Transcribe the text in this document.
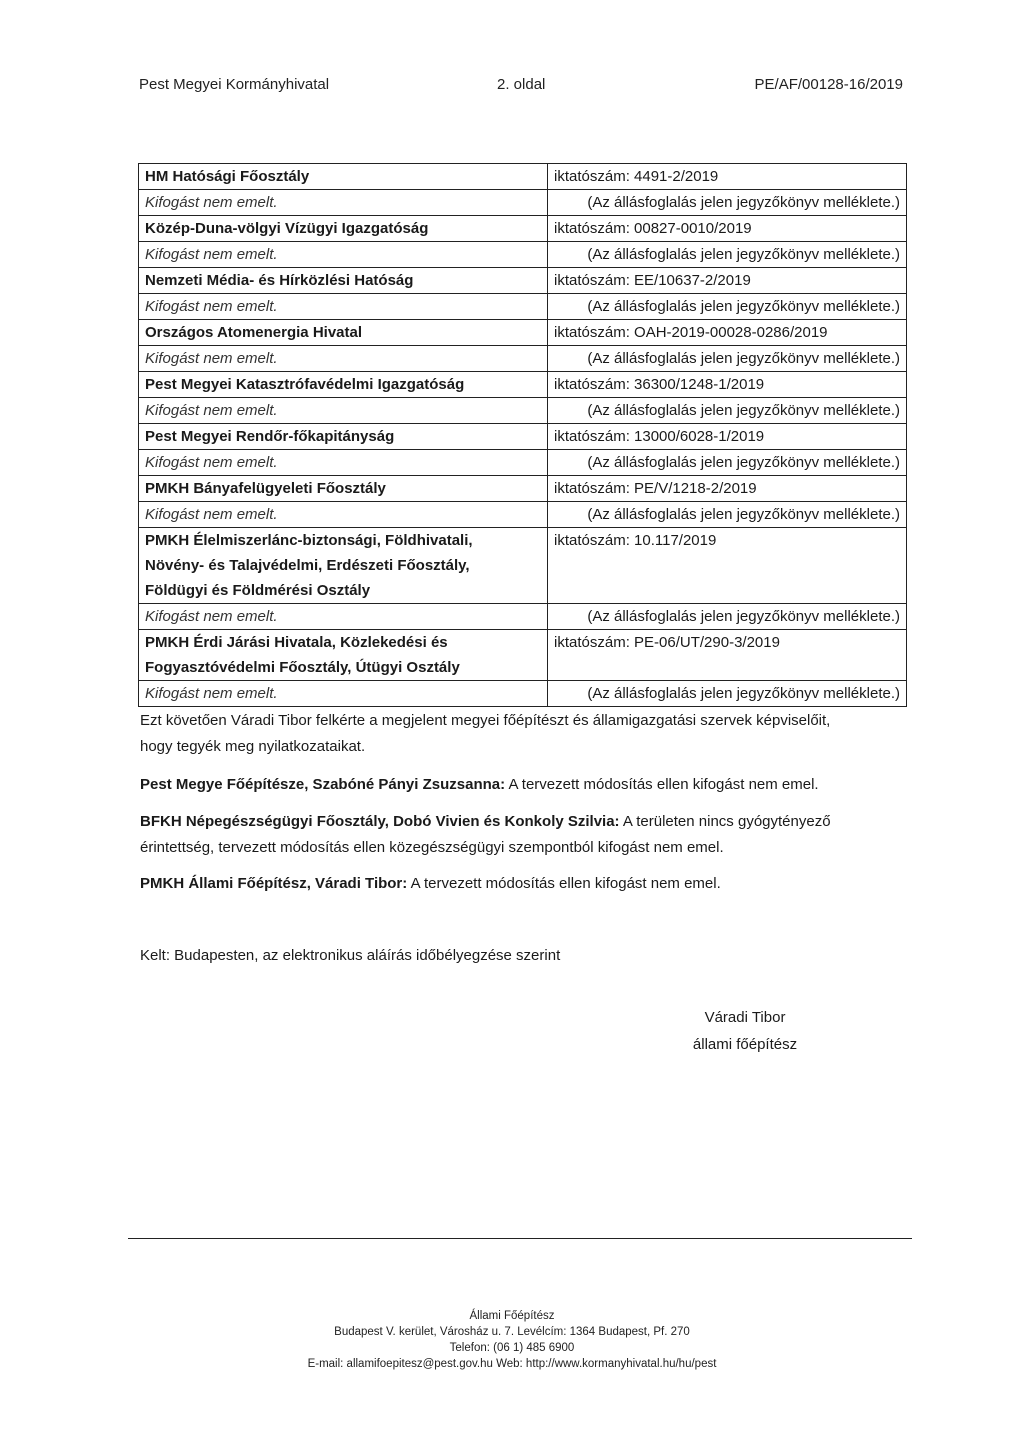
Pest Megyei Kormányhivatal	2. oldal	PE/AF/00128-16/2019
HM Hatósági Főosztály	iktatószám: 4491-2/2019
Kifogást nem emelt.	(Az állásfoglalás jelen jegyzőkönyv melléklete.)

Közép-Duna-völgyi Vízügyi Igazgatóság	iktatószám: 00827-0010/2019
Kifogást nem emelt.	(Az állásfoglalás jelen jegyzőkönyv melléklete.)

Nemzeti Média- és Hírközlési Hatóság	iktatószám: EE/10637-2/2019
Kifogást nem emelt.	(Az állásfoglalás jelen jegyzőkönyv melléklete.)

Országos Atomenergia Hivatal	iktatószám: OAH-2019-00028-0286/2019
Kifogást nem emelt.	(Az állásfoglalás jelen jegyzőkönyv melléklete.)

Pest Megyei Katasztrófavédelmi Igazgatóság	iktatószám: 36300/1248-1/2019
Kifogást nem emelt.	(Az állásfoglalás jelen jegyzőkönyv melléklete.)

Pest Megyei Rendőr-főkapitányság	iktatószám: 13000/6028-1/2019
Kifogást nem emelt.	(Az állásfoglalás jelen jegyzőkönyv melléklete.)

PMKH Bányafelügyeleti Főosztály	iktatószám: PE/V/1218-2/2019
Kifogást nem emelt.	(Az állásfoglalás jelen jegyzőkönyv melléklete.)

PMKH Élelmiszerlánc-biztonsági, Földhivatali,
Növény- és Talajvédelmi, Erdészeti Főosztály,
Földügyi és Földmérési Osztály	iktatószám: 10.117/2019
Kifogást nem emelt.	(Az állásfoglalás jelen jegyzőkönyv melléklete.)

PMKH Érdi Járási Hivatala, Közlekedési és
Fogyasztóvédelmi Főosztály, Útügyi Osztály	iktatószám: PE-06/UT/290-3/2019
Kifogást nem emelt.	(Az állásfoglalás jelen jegyzőkönyv melléklete.)
Ezt követően Váradi Tibor felkérte a megjelent megyei főépítészt és államigazgatási szervek képviselőit,
hogy tegyék meg nyilatkozataikat.
Pest Megye Főépítésze, Szabóné Pányi Zsuzsanna: A tervezett módosítás ellen kifogást nem emel.
BFKH Népegészségügyi Főosztály, Dobó Vivien és Konkoly Szilvia: A területen nincs gyógytényező
érintettség, tervezett módosítás ellen közegészségügyi szempontból kifogást nem emel.
PMKH Állami Főépítész, Váradi Tibor: A tervezett módosítás ellen kifogást nem emel.
Kelt: Budapesten, az elektronikus aláírás időbélyegzése szerint
Váradi Tibor
állami főépítész
Állami Főépítész
Budapest V. kerület, Városház u. 7. Levélcím: 1364 Budapest, Pf. 270
Telefon: (06 1) 485 6900
E-mail: allamifoepitesz@pest.gov.hu Web: http://www.kormanyhivatal.hu/hu/pest
